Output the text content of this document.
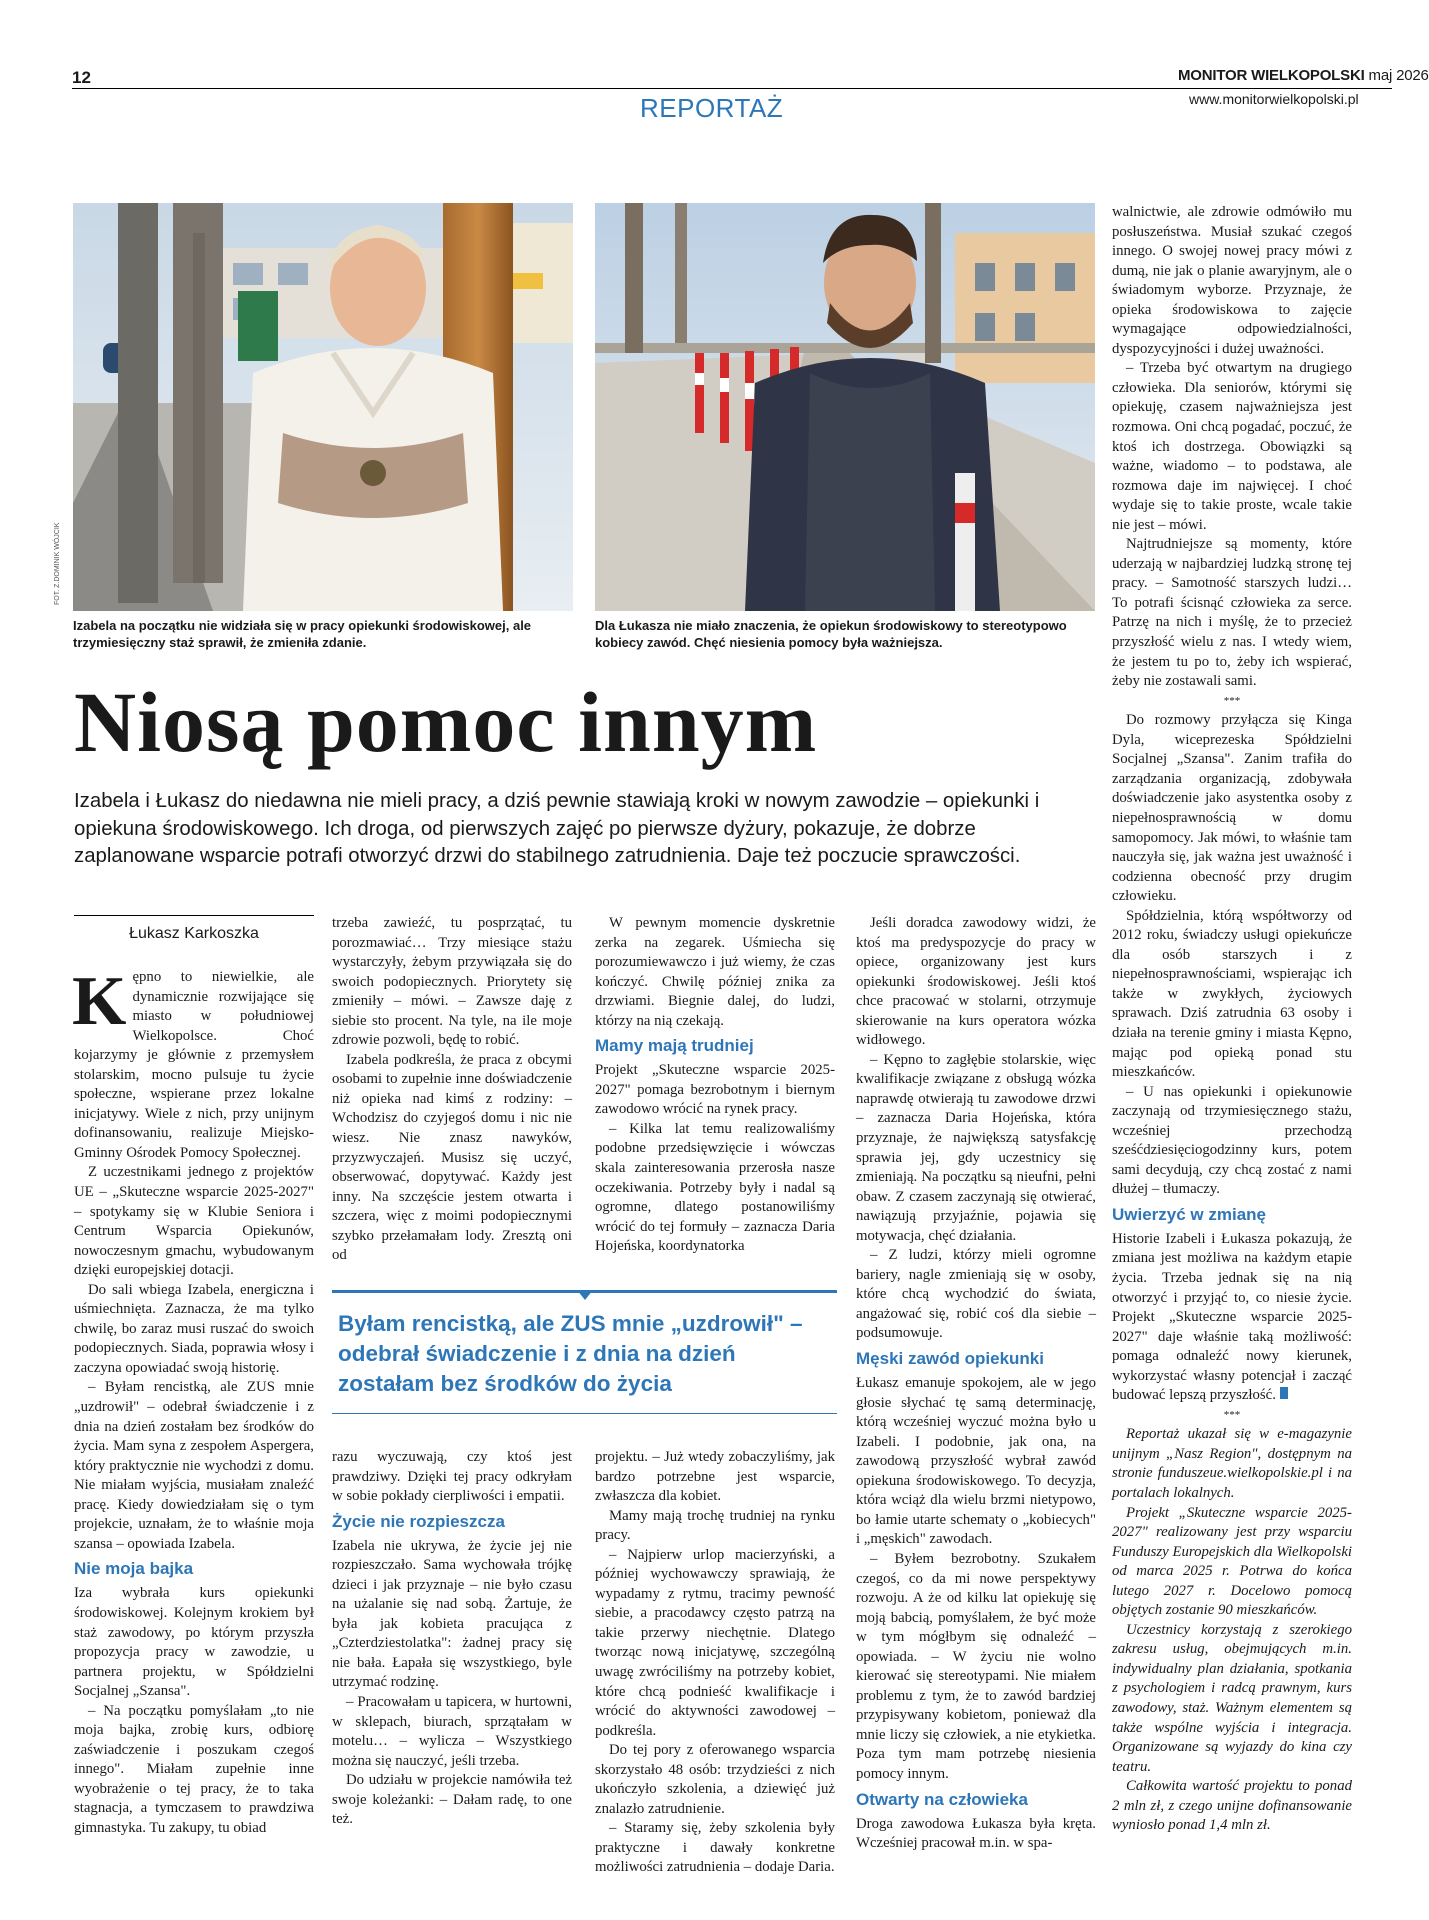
12	MONITOR WIELKOPOLSKI maj 2026
www.monitorwielkopolski.pl
REPORTAŻ
FOT. Z.DOMINIK WÓJCIK
Izabela na początku nie widziała się w pracy opiekunki środowiskowej, ale trzymiesięczny staż sprawił, że zmieniła zdanie.
Dla Łukasza nie miało znaczenia, że opiekun środowiskowy to stereotypowo kobiecy zawód. Chęć niesienia pomocy była ważniejsza.
Niosą pomoc innym
Izabela i Łukasz do niedawna nie mieli pracy, a dziś pewnie stawiają kroki w nowym zawodzie – opiekunki i opiekuna środowiskowego. Ich droga, od pierwszych zajęć po pierwsze dyżury, pokazuje, że dobrze zaplanowane wsparcie potrafi otworzyć drzwi do stabilnego zatrudnienia. Daje też poczucie sprawczości.
Łukasz Karkoszka

Kępno to niewielkie, ale dynamicznie rozwijające się miasto w południowej Wielkopolsce. Choć kojarzymy je głównie z przemysłem stolarskim, mocno pulsuje tu życie społeczne, wspierane przez lokalne inicjatywy. Wiele z nich, przy unijnym dofinansowaniu, realizuje Miejsko-Gminny Ośrodek Pomocy Społecznej.

Z uczestnikami jednego z projektów UE – „Skuteczne wsparcie 2025-2027" – spotykamy się w Klubie Seniora i Centrum Wsparcia Opiekunów, nowoczesnym gmachu, wybudowanym dzięki europejskiej dotacji.

Do sali wbiega Izabela, energiczna i uśmiechnięta. Zaznacza, że ma tylko chwilę, bo zaraz musi ruszać do swoich podopiecznych. Siada, poprawia włosy i zaczyna opowiadać swoją historię.

– Byłam rencistką, ale ZUS mnie „uzdrowił" – odebrał świadczenie i z dnia na dzień zostałam bez środków do życia. Mam syna z zespołem Aspergera, który praktycznie nie wychodzi z domu. Nie miałam wyjścia, musiałam znaleźć pracę. Kiedy dowiedziałam się o tym projekcie, uznałam, że to właśnie moja szansa – opowiada Izabela.

Nie moja bajka

Iza wybrała kurs opiekunki środowiskowej. Kolejnym krokiem był staż zawodowy, po którym przyszła propozycja pracy w zawodzie, u partnera projektu, w Spółdzielni Socjalnej „Szansa".

– Na początku pomyślałam „to nie moja bajka, zrobię kurs, odbiorę zaświadczenie i poszukam czegoś innego". Miałam zupełnie inne wyobrażenie o tej pracy, że to taka stagnacja, a tymczasem to prawdziwa gimnastyka. Tu zakupy, tu obiad

trzeba zawieźć, tu posprzątać, tu porozmawiać… Trzy miesiące stażu wystarczyły, żebym przywiązała się do swoich podopiecznych. Priorytety się zmieniły – mówi. – Zawsze daję z siebie sto procent. Na tyle, na ile moje zdrowie pozwoli, będę to robić.

Izabela podkreśla, że praca z obcymi osobami to zupełnie inne doświadczenie niż opieka nad kimś z rodziny: – Wchodzisz do czyjegoś domu i nic nie wiesz. Nie znasz nawyków, przyzwyczajeń. Musisz się uczyć, obserwować, dopytywać. Każdy jest inny. Na szczęście jestem otwarta i szczera, więc z moimi podopiecznymi szybko przełamałam lody. Zresztą oni od

W pewnym momencie dyskretnie zerka na zegarek. Uśmiecha się porozumiewawczo i już wiemy, że czas kończyć. Chwilę później znika za drzwiami. Biegnie dalej, do ludzi, którzy na nią czekają.

Mamy mają trudniej

Projekt „Skuteczne wsparcie 2025-2027" pomaga bezrobotnym i biernym zawodowo wrócić na rynek pracy.

– Kilka lat temu realizowaliśmy podobne przedsięwzięcie i wówczas skala zainteresowania przerosła nasze oczekiwania. Potrzeby były i nadal są ogromne, dlatego postanowiliśmy wrócić do tej formuły – zaznacza Daria Hojeńska, koordynatorka

Byłam rencistką, ale ZUS mnie „uzdrowił" – odebrał świadczenie i z dnia na dzień zostałam bez środków do życia

razu wyczuwają, czy ktoś jest prawdziwy. Dzięki tej pracy odkryłam w sobie pokłady cierpliwości i empatii.

Życie nie rozpieszcza

Izabela nie ukrywa, że życie jej nie rozpieszczało. Sama wychowała trójkę dzieci i jak przyznaje – nie było czasu na użalanie się nad sobą. Żartuje, że była jak kobieta pracująca z „Czterdziestolatka": żadnej pracy się nie bała. Łapała się wszystkiego, byle utrzymać rodzinę.

– Pracowałam u tapicera, w hurtowni, w sklepach, biurach, sprzątałam w motelu… – wylicza – Wszystkiego można się nauczyć, jeśli trzeba.

Do udziału w projekcie namówiła też swoje koleżanki: – Dałam radę, to one też.

projektu. – Już wtedy zobaczyliśmy, jak bardzo potrzebne jest wsparcie, zwłaszcza dla kobiet.

Mamy mają trochę trudniej na rynku pracy.

– Najpierw urlop macierzyński, a później wychowawczy sprawiają, że wypadamy z rytmu, tracimy pewność siebie, a pracodawcy często patrzą na takie przerwy niechętnie. Dlatego tworząc nową inicjatywę, szczególną uwagę zwróciliśmy na potrzeby kobiet, które chcą podnieść kwalifikacje i wrócić do aktywności zawodowej – podkreśla.

Do tej pory z oferowanego wsparcia skorzystało 48 osób: trzydzieści z nich ukończyło szkolenia, a dziewięć już znalazło zatrudnienie.

– Staramy się, żeby szkolenia były praktyczne i dawały konkretne możliwości zatrudnienia – dodaje Daria.

Jeśli doradca zawodowy widzi, że ktoś ma predyspozycje do pracy w opiece, organizowany jest kurs opiekunki środowiskowej. Jeśli ktoś chce pracować w stolarni, otrzymuje skierowanie na kurs operatora wózka widłowego.

– Kępno to zagłębie stolarskie, więc kwalifikacje związane z obsługą wózka naprawdę otwierają tu zawodowe drzwi – zaznacza Daria Hojeńska, która przyznaje, że największą satysfakcję sprawia jej, gdy uczestnicy się zmieniają. Na początku są nieufni, pełni obaw. Z czasem zaczynają się otwierać, nawiązują przyjaźnie, pojawia się motywacja, chęć działania.

– Z ludzi, którzy mieli ogromne bariery, nagle zmieniają się w osoby, które chcą wychodzić do świata, angażować się, robić coś dla siebie – podsumowuje.

Męski zawód opiekunki

Łukasz emanuje spokojem, ale w jego głosie słychać tę samą determinację, którą wcześniej wyczuć można było u Izabeli. I podobnie, jak ona, na zawodową przyszłość wybrał zawód opiekuna środowiskowego. To decyzja, która wciąż dla wielu brzmi nietypowo, bo łamie utarte schematy o „kobiecych" i „męskich" zawodach.

– Byłem bezrobotny. Szukałem czegoś, co da mi nowe perspektywy rozwoju. A że od kilku lat opiekuję się moją babcią, pomyślałem, że być może w tym mógłbym się odnaleźć – opowiada. – W życiu nie wolno kierować się stereotypami. Nie miałem problemu z tym, że to zawód bardziej przypisywany kobietom, ponieważ dla mnie liczy się człowiek, a nie etykietka. Poza tym mam potrzebę niesienia pomocy innym.

Otwarty na człowieka

Droga zawodowa Łukasza była kręta. Wcześniej pracował m.in. w spa-

walnictwie, ale zdrowie odmówiło mu posłuszeństwa. Musiał szukać czegoś innego. O swojej nowej pracy mówi z dumą, nie jak o planie awaryjnym, ale o świadomym wyborze. Przyznaje, że opieka środowiskowa to zajęcie wymagające odpowiedzialności, dyspozycyjności i dużej uważności.

– Trzeba być otwartym na drugiego człowieka. Dla seniorów, którymi się opiekuję, czasem najważniejsza jest rozmowa. Oni chcą pogadać, poczuć, że ktoś ich dostrzega. Obowiązki są ważne, wiadomo – to podstawa, ale rozmowa daje im najwięcej. I choć wydaje się to takie proste, wcale takie nie jest – mówi.

Najtrudniejsze są momenty, które uderzają w najbardziej ludzką stronę tej pracy. – Samotność starszych ludzi… To potrafi ścisnąć człowieka za serce. Patrzę na nich i myślę, że to przecież przyszłość wielu z nas. I wtedy wiem, że jestem tu po to, żeby ich wspierać, żeby nie zostawali sami.

***

Do rozmowy przyłącza się Kinga Dyla, wiceprezeska Spółdzielni Socjalnej „Szansa". Zanim trafiła do zarządzania organizacją, zdobywała doświadczenie jako asystentka osoby z niepełnosprawnością w domu samopomocy. Jak mówi, to właśnie tam nauczyła się, jak ważna jest uważność i codzienna obecność przy drugim człowieku.

Spółdzielnia, którą współtworzy od 2012 roku, świadczy usługi opiekuńcze dla osób starszych i z niepełnosprawnościami, wspierając ich także w zwykłych, życiowych sprawach. Dziś zatrudnia 63 osoby i działa na terenie gminy i miasta Kępno, mając pod opieką ponad stu mieszkańców.

– U nas opiekunki i opiekunowie zaczynają od trzymiesięcznego stażu, wcześniej przechodzą sześćdziesięciogodzinny kurs, potem sami decydują, czy chcą zostać z nami dłużej – tłumaczy.

Uwierzyć w zmianę

Historie Izabeli i Łukasza pokazują, że zmiana jest możliwa na każdym etapie życia. Trzeba jednak się na nią otworzyć i przyjąć to, co niesie życie. Projekt „Skuteczne wsparcie 2025-2027" daje właśnie taką możliwość: pomaga odnaleźć nowy kierunek, wykorzystać własny potencjał i zacząć budować lepszą przyszłość.

***

Reportaż ukazał się w e-magazynie unijnym „Nasz Region", dostępnym na stronie funduszeue.wielkopolskie.pl i na portalach lokalnych.

Projekt „Skuteczne wsparcie 2025-2027" realizowany jest przy wsparciu Funduszy Europejskich dla Wielkopolski od marca 2025 r. Potrwa do końca lutego 2027 r. Docelowo pomocą objętych zostanie 90 mieszkańców.

Uczestnicy korzystają z szerokiego zakresu usług, obejmujących m.in. indywidualny plan działania, spotkania z psychologiem i radcą prawnym, kurs zawodowy, staż. Ważnym elementem są także wspólne wyjścia i integracja. Organizowane są wyjazdy do kina czy teatru.

Całkowita wartość projektu to ponad 2 mln zł, z czego unijne dofinansowanie wyniosło ponad 1,4 mln zł.
